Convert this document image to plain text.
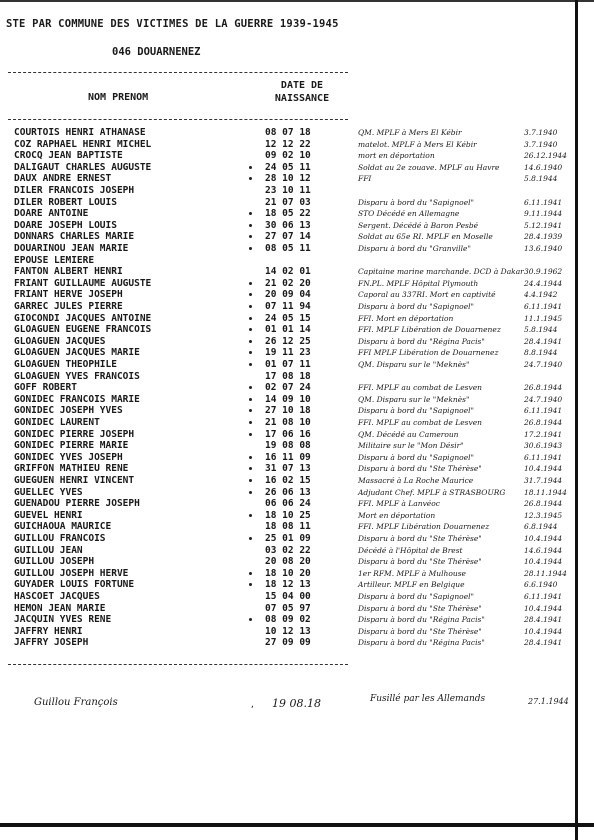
STE PAR COMMUNE DES VICTIMES DE LA GUERRE 1939-1945
046 DOUARNENEZ
NOM PRENOM
DATE DE NAISSANCE
COURTOIS HENRI ATHANASE	08 07 18	QM. MPLF à Mers El Kébir	3.7.1940
COZ RAPHAEL HENRI MICHEL	12 12 22	matelot. MPLF à Mers El Kébir	3.7.1940
CROCQ JEAN BAPTISTE	09 02 10	mort en déportation	26.12.1944
DALIGAUT CHARLES AUGUSTE	24 05 11	Soldat au 2e zouave. MPLF au Havre	14.6.1940
DAUX ANDRE ERNEST	28 10 12	FFI	5.8.1944
DILER FRANCOIS JOSEPH	23 10 11
DILER ROBERT LOUIS	21 07 03	Disparu à bord du "Sapignoel"	6.11.1941
DOARE ANTOINE	18 05 22	STO Décédé en Allemagne	9.11.1944
DOARE JOSEPH LOUIS	30 06 13	Sergent. Décédé à Baron Pesbé	5.12.1941
DONNARS CHARLES MARIE	27 07 14	Soldat au 65e RI. MPLF en Moselle	28.4.1939
DOUARINOU JEAN MARIE	08 05 11	Disparu à bord du "Granville"	13.6.1940
EPOUSE LEMIERE
FANTON ALBERT HENRI	14 02 01	Capitaine marine marchande. DCD à Dakar 30.9.1962
FRIANT GUILLAUME AUGUSTE	21 02 20	FN.PL. MPLF Hôpital Plymouth	24.4.1944
FRIANT HERVE JOSEPH	20 09 04	Caporal au 337RI. Mort en captivité	4.4.1942
GARREC JULES PIERRE	07 11 94	Disparu à bord du "Sapignoel"	6.11.1941
GIOCONDI JACQUES ANTOINE	24 05 15	FFI. Mort en déportation	11.1.1945
GLOAGUEN EUGENE FRANCOIS	01 01 14	FFI. MPLF Libération de Douarnenez	5.8.1944
GLOAGUEN JACQUES	26 12 25	Disparu à bord du "Régina Pacis"	28.4.1941
GLOAGUEN JACQUES MARIE	19 11 23	FFI MPLF Libération de Douarnenez	8.8.1944
GLOAGUEN THEOPHILE	01 07 11	QM. Disparu sur le "Meknès"	24.7.1940
GLOAGUEN YVES FRANCOIS	17 08 18
GOFF ROBERT	02 07 24	FFI. MPLF au combat de Lesven	26.8.1944
GONIDEC FRANCOIS MARIE	14 09 10	QM. Disparu sur le "Meknès"	24.7.1940
GONIDEC JOSEPH YVES	27 10 18	Disparu à bord du "Sapignoel"	6.11.1941
GONIDEC LAURENT	21 08 10	FFI. MPLF au combat de Lesven	26.8.1944
GONIDEC PIERRE JOSEPH	17 06 16	QM. Décédé au Cameroun	17.2.1941
GONIDEC PIERRE MARIE	19 08 08	Militaire sur le "Mon Désir"	30.6.1943
GONIDEC YVES JOSEPH	16 11 09	Disparu à bord du "Sapignoel"	6.11.1941
GRIFFON MATHIEU RENE	31 07 13	Disparu à bord du "Ste Thérèse"	10.4.1944
GUEGUEN HENRI VINCENT	16 02 15	Massacré à La Roche Maurice	31.7.1944
GUELLEC YVES	26 06 13	Adjudant Chef. MPLF à STRASBOURG 18.11.1944
GUENADOU PIERRE JOSEPH	06 06 24	FFI. MPLF à Lanvéoc	26.8.1944
GUEVEL HENRI	18 10 25	Mort en déportation	12.3.1945
GUICHAOUA MAURICE	18 08 11	FFI. MPLF Libération Douarnenez	6.8.1944
GUILLOU FRANCOIS	25 01 09	Disparu à bord du "Ste Thérèse"	10.4.1944
GUILLOU JEAN	03 02 22	Décédé à l'Hôpital de Brest	14.6.1944
GUILLOU JOSEPH	20 08 20	Disparu à bord du "Ste Thérèse"	10.4.1944
GUILLOU JOSEPH HERVE	18 10 20	1er RFM. MPLF à Mulhouse	28.11.1944
GUYADER LOUIS FORTUNE	18 12 13	Artilleur. MPLF en Belgique	6.6.1940
HASCOET JACQUES	15 04 00	Disparu à bord du "Sapignoel"	6.11.1941
HEMON JEAN MARIE	07 05 97	Disparu à bord du "Ste Thérèse"	10.4.1944
JACQUIN YVES RENE	08 09 02	Disparu à bord du "Régina Pacis"	28.4.1941
JAFFRY HENRI	10 12 13	Disparu à bord du "Ste Thérèse"	10.4.1944
JAFFRY JOSEPH	27 09 09	Disparu à bord du "Régina Pacis"	28.4.1941
Guillou François	, 19 08.18	Fusillé par les Allemands	27.1.1944
